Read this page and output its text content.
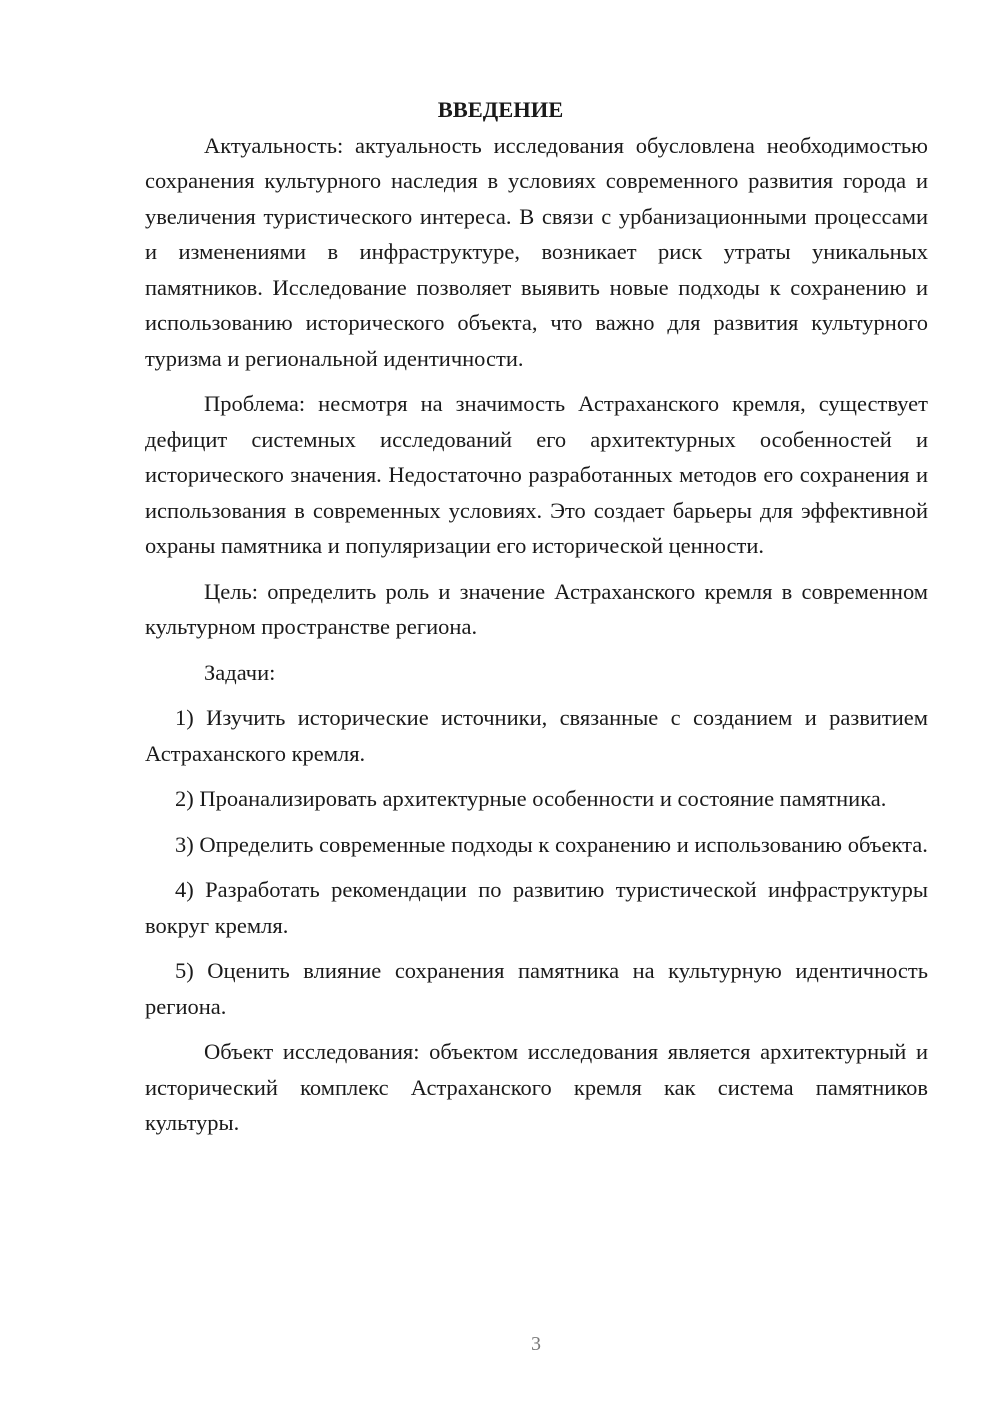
ВВЕДЕНИЕ

Актуальность: актуальность исследования обусловлена необходимостью сохранения культурного наследия в условиях современного развития города и увеличения туристического интереса. В связи с урбанизационными процессами и изменениями в инфраструктуре, возникает риск утраты уникальных памятников. Исследование позволяет выявить новые подходы к сохранению и использованию исторического объекта, что важно для развития культурного туризма и региональной идентичности.

Проблема: несмотря на значимость Астраханского кремля, существует дефицит системных исследований его архитектурных особенностей и исторического значения. Недостаточно разработанных методов его сохранения и использования в современных условиях. Это создает барьеры для эффективной охраны памятника и популяризации его исторической ценности.

Цель: определить роль и значение Астраханского кремля в современном культурном пространстве региона.

Задачи:

1) Изучить исторические источники, связанные с созданием и развитием Астраханского кремля.

2) Проанализировать архитектурные особенности и состояние памятника.

3) Определить современные подходы к сохранению и использованию объекта.

4) Разработать рекомендации по развитию туристической инфраструктуры вокруг кремля.

5) Оценить влияние сохранения памятника на культурную идентичность региона.

Объект исследования: объектом исследования является архитектурный и исторический комплекс Астраханского кремля как система памятников культуры.

3
